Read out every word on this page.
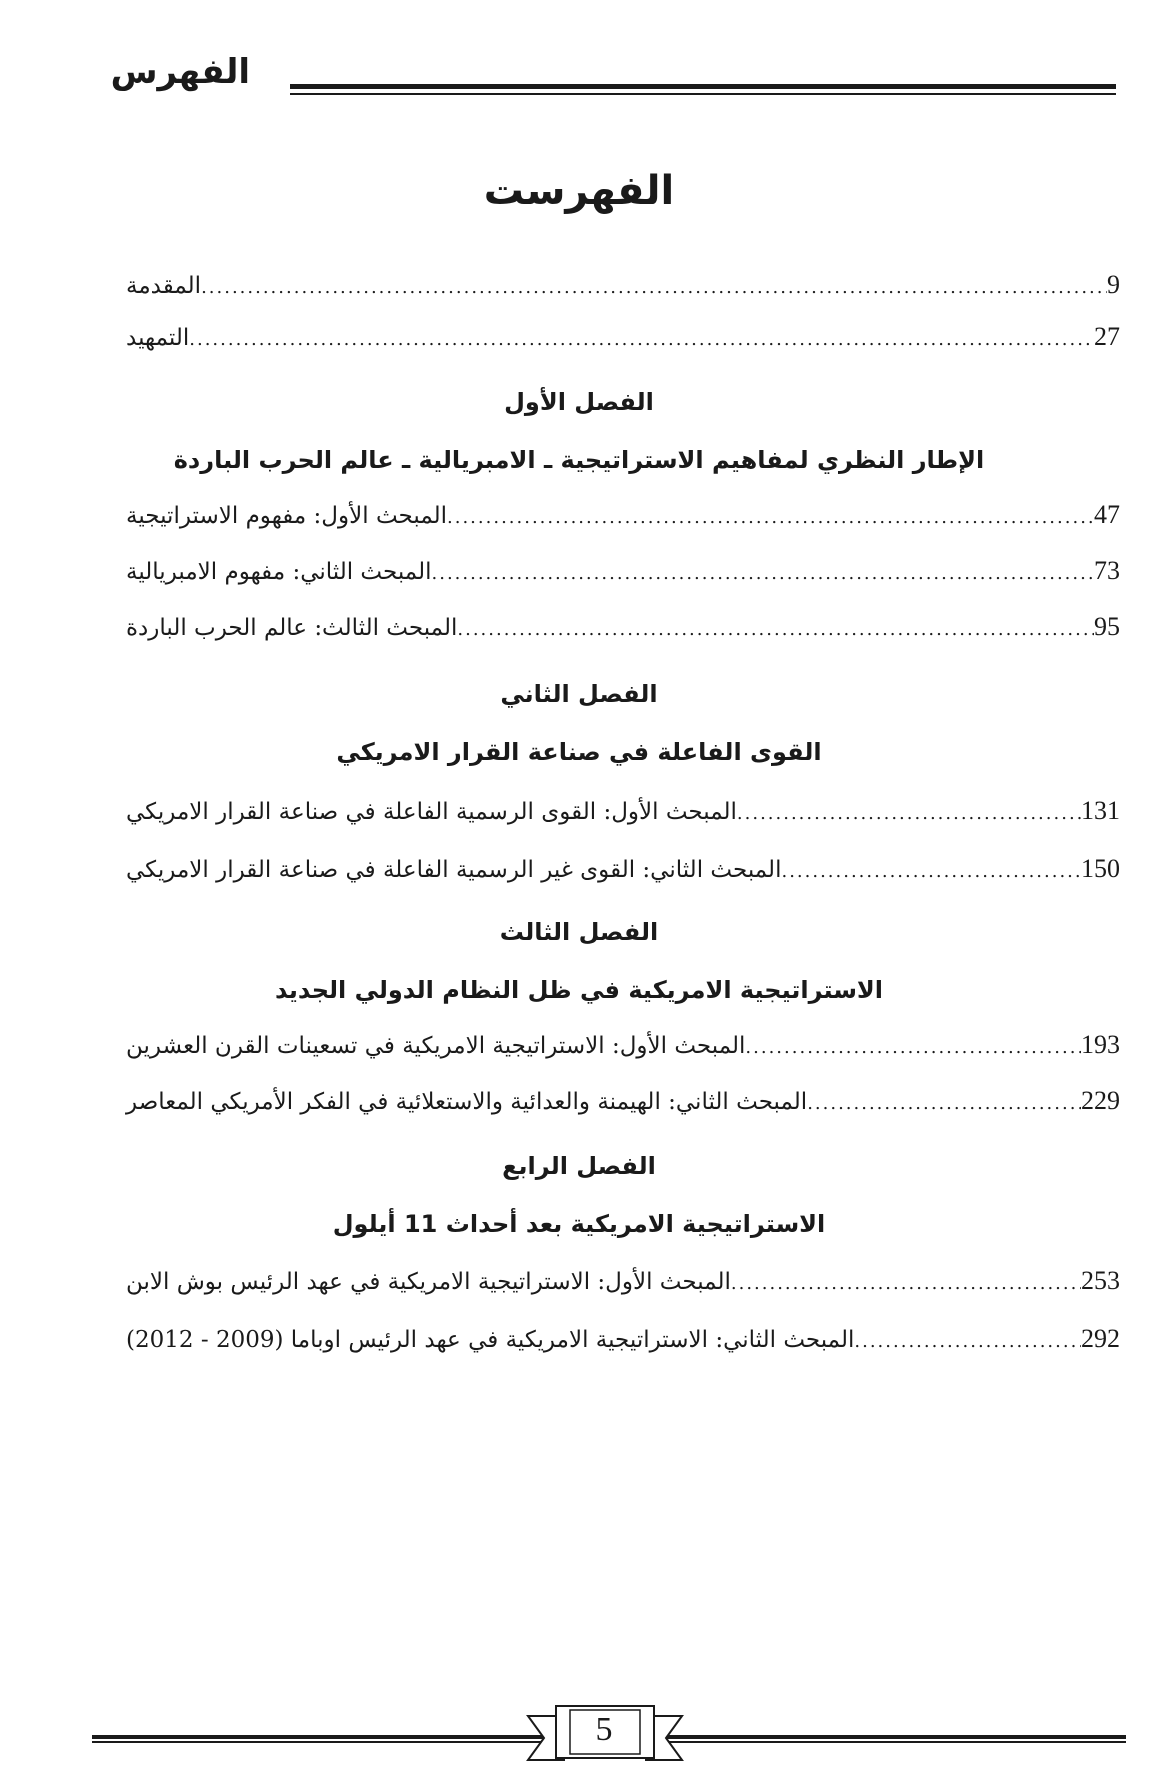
الفهرس
الفهرست
المقدمة .....	9
التمهيد .....	27
الفصل الأول
الإطار النظري لمفاهيم الاستراتيجية ـ الامبريالية ـ عالم الحرب الباردة
المبحث الأول: مفهوم الاستراتيجية .....	47
المبحث الثاني: مفهوم الامبريالية .....	73
المبحث الثالث: عالم الحرب الباردة .....	95
الفصل الثاني
القوى الفاعلة في صناعة القرار الامريكي
المبحث الأول: القوى الرسمية الفاعلة في صناعة القرار الامريكي .....	131
المبحث الثاني: القوى غير الرسمية الفاعلة في صناعة القرار الامريكي .....	150
الفصل الثالث
الاستراتيجية الامريكية في ظل النظام الدولي الجديد
المبحث الأول: الاستراتيجية الامريكية في تسعينات القرن العشرين .....	193
المبحث الثاني: الهيمنة والعدائية والاستعلائية في الفكر الأمريكي المعاصر .....	229
الفصل الرابع
الاستراتيجية الامريكية بعد أحداث 11 أيلول
المبحث الأول: الاستراتيجية الامريكية في عهد الرئيس بوش الابن .....	253
المبحث الثاني: الاستراتيجية الامريكية في عهد الرئيس اوباما (2009 - 2012) .....	292
5
